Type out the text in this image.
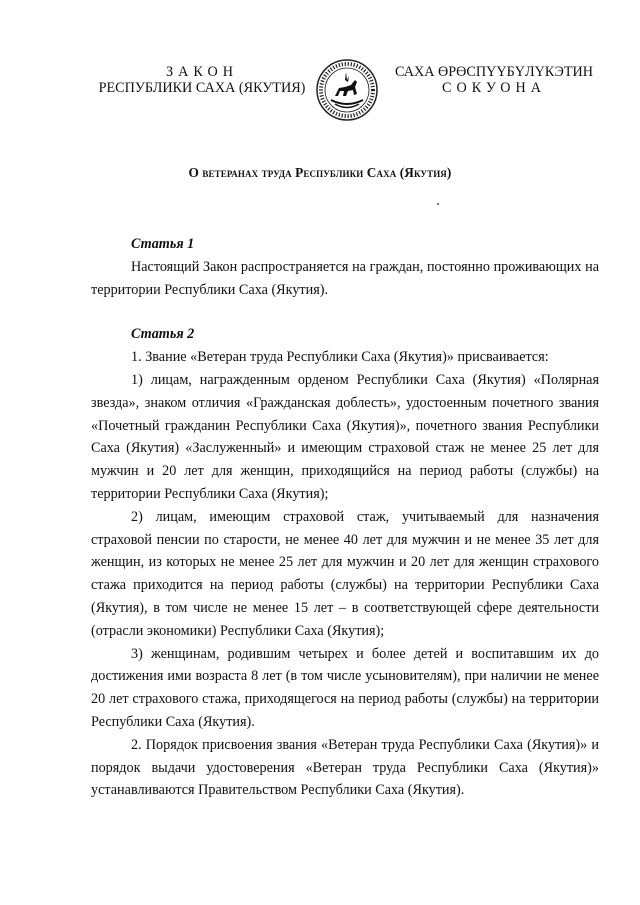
ЗАКОН
РЕСПУБЛИКИ САХА (ЯКУТИЯ)
САХА ӨРӨСПҮҮБҮЛҮКЭТИН
СОКУОНА
О ветеранах труда Республики Саха (Якутия)

Статья 1

Настоящий Закон распространяется на граждан, постоянно проживающих на территории Республики Саха (Якутия).

Статья 2

1. Звание «Ветеран труда Республики Саха (Якутия)» присваивается:

1) лицам, награжденным орденом Республики Саха (Якутия) «Полярная звезда», знаком отличия «Гражданская доблесть», удостоенным почетного звания «Почетный гражданин Республики Саха (Якутия)», почетного звания Республики Саха (Якутия) «Заслуженный» и имеющим страховой стаж не менее 25 лет для мужчин и 20 лет для женщин, приходящийся на период работы (службы) на территории Республики Саха (Якутия);

2) лицам, имеющим страховой стаж, учитываемый для назначения страховой пенсии по старости, не менее 40 лет для мужчин и не менее 35 лет для женщин, из которых не менее 25 лет для мужчин и 20 лет для женщин страхового стажа приходится на период работы (службы) на территории Республики Саха (Якутия), в том числе не менее 15 лет – в соответствующей сфере деятельности (отрасли экономики) Республики Саха (Якутия);

3) женщинам, родившим четырех и более детей и воспитавшим их до достижения ими возраста 8 лет (в том числе усыновителям), при наличии не менее 20 лет страхового стажа, приходящегося на период работы (службы) на территории Республики Саха (Якутия).

2. Порядок присвоения звания «Ветеран труда Республики Саха (Якутия)» и порядок выдачи удостоверения «Ветеран труда Республики Саха (Якутия)» устанавливаются Правительством Республики Саха (Якутия).
